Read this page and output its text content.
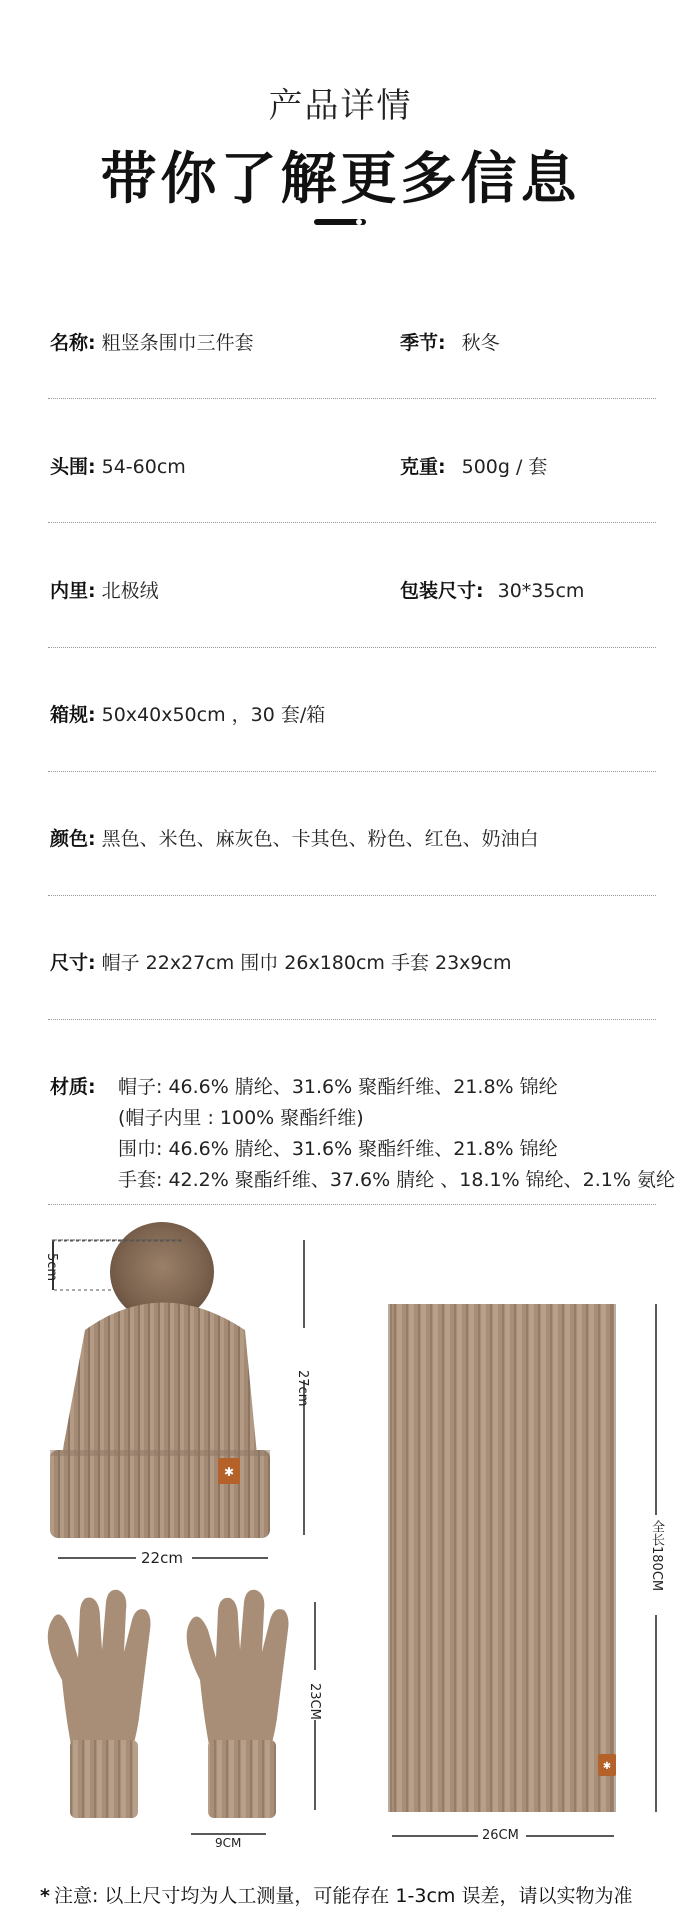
产品详情
带你了解更多信息
名称: 粗竖条围巾三件套	季节: 秋冬
头围: 54-60cm	克重: 500g / 套
内里: 北极绒	包装尺寸: 30*35cm
箱规: 50x40x50cm ，30 套/箱
颜色: 黑色、米色、麻灰色、卡其色、粉色、红色、奶油白
尺寸: 帽子 22x27cm 围巾 26x180cm 手套 23x9cm
材质:	帽子: 46.6% 腈纶、31.6% 聚酯纤维、21.8% 锦纶
(帽子内里 : 100% 聚酯纤维)
围巾: 46.6% 腈纶、31.6% 聚酯纤维、21.8% 锦纶
手套: 42.2% 聚酯纤维、37.6% 腈纶 、18.1% 锦纶、2.1% 氨纶
✱
✱
5cm
27cm
22cm
23CM
9CM
全长180CM
26CM
* 注意: 以上尺寸均为人工测量，可能存在 1-3cm 误差，请以实物为准
